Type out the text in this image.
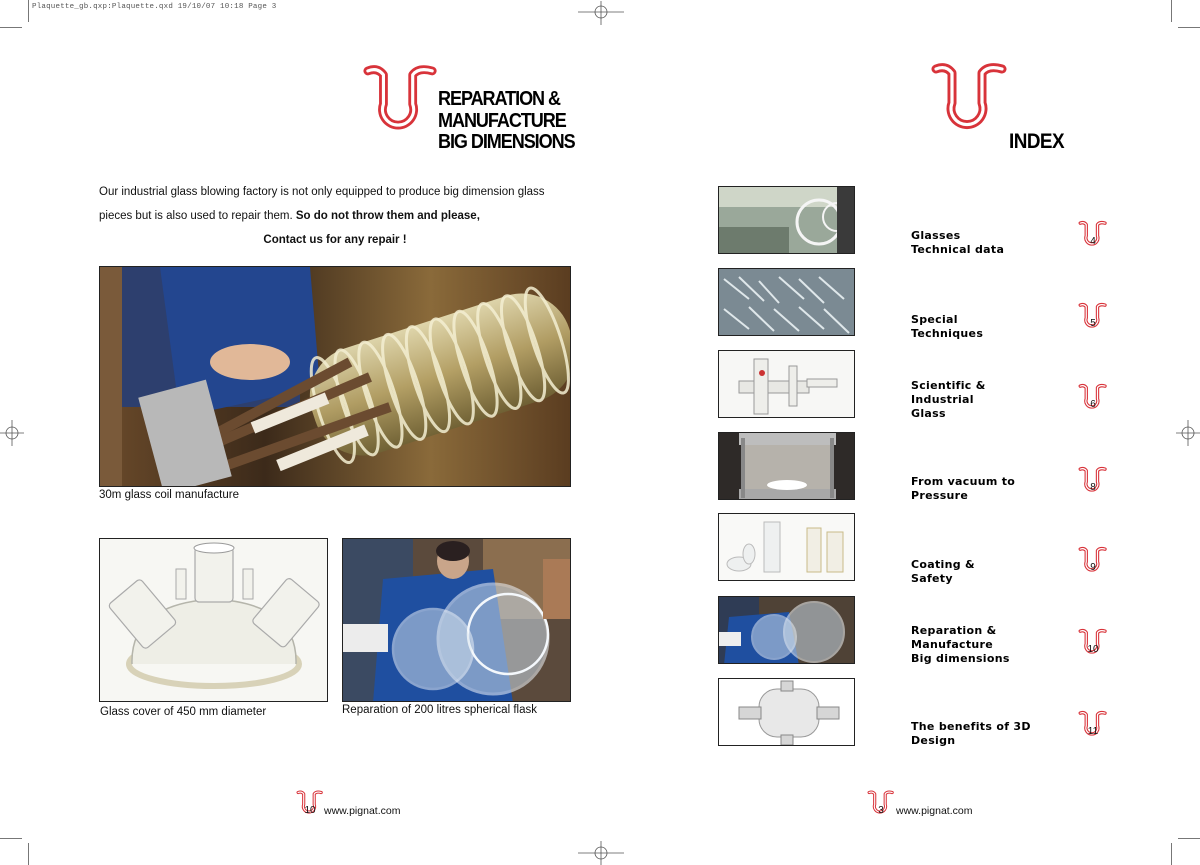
Plaquette_gb.qxp:Plaquette.qxd 19/10/07 10:18 Page 3
REPARATION &
MANUFACTURE
BIG DIMENSIONS
Our industrial glass blowing factory is not only equipped to produce big dimension glass
pieces but is also used to repair them. So do not throw them and please,
Contact us for any repair !
30m glass coil manufacture
Glass cover of 450 mm diameter	Reparation of 200 litres spherical flask
10 www.pignat.com
INDEX
Glasses
Technical data
4
Special
Techniques
5
Scientific &
Industrial
Glass
6
From vacuum to
Pressure
8
Coating &
Safety
9
Reparation &
Manufacture
Big dimensions
10
The benefits of 3D
Design
11
3	www.pignat.com
